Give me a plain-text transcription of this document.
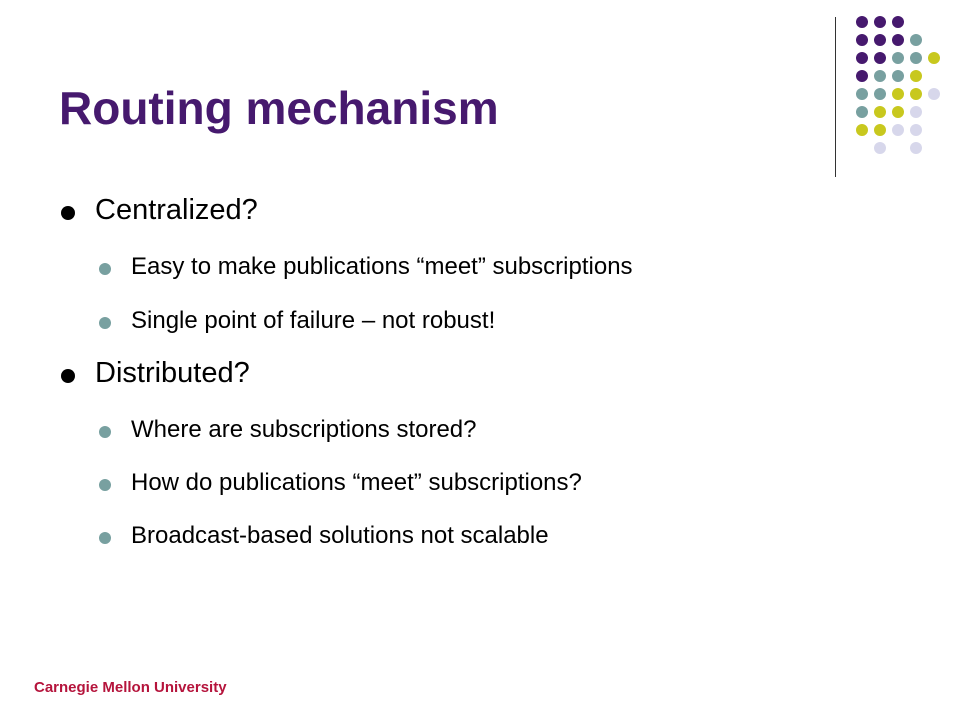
Routing mechanism
Centralized?
Easy to make publications “meet” subscriptions
Single point of failure – not robust!
Distributed?
Where are subscriptions stored?
How do publications “meet” subscriptions?
Broadcast-based solutions not scalable
Carnegie Mellon University
